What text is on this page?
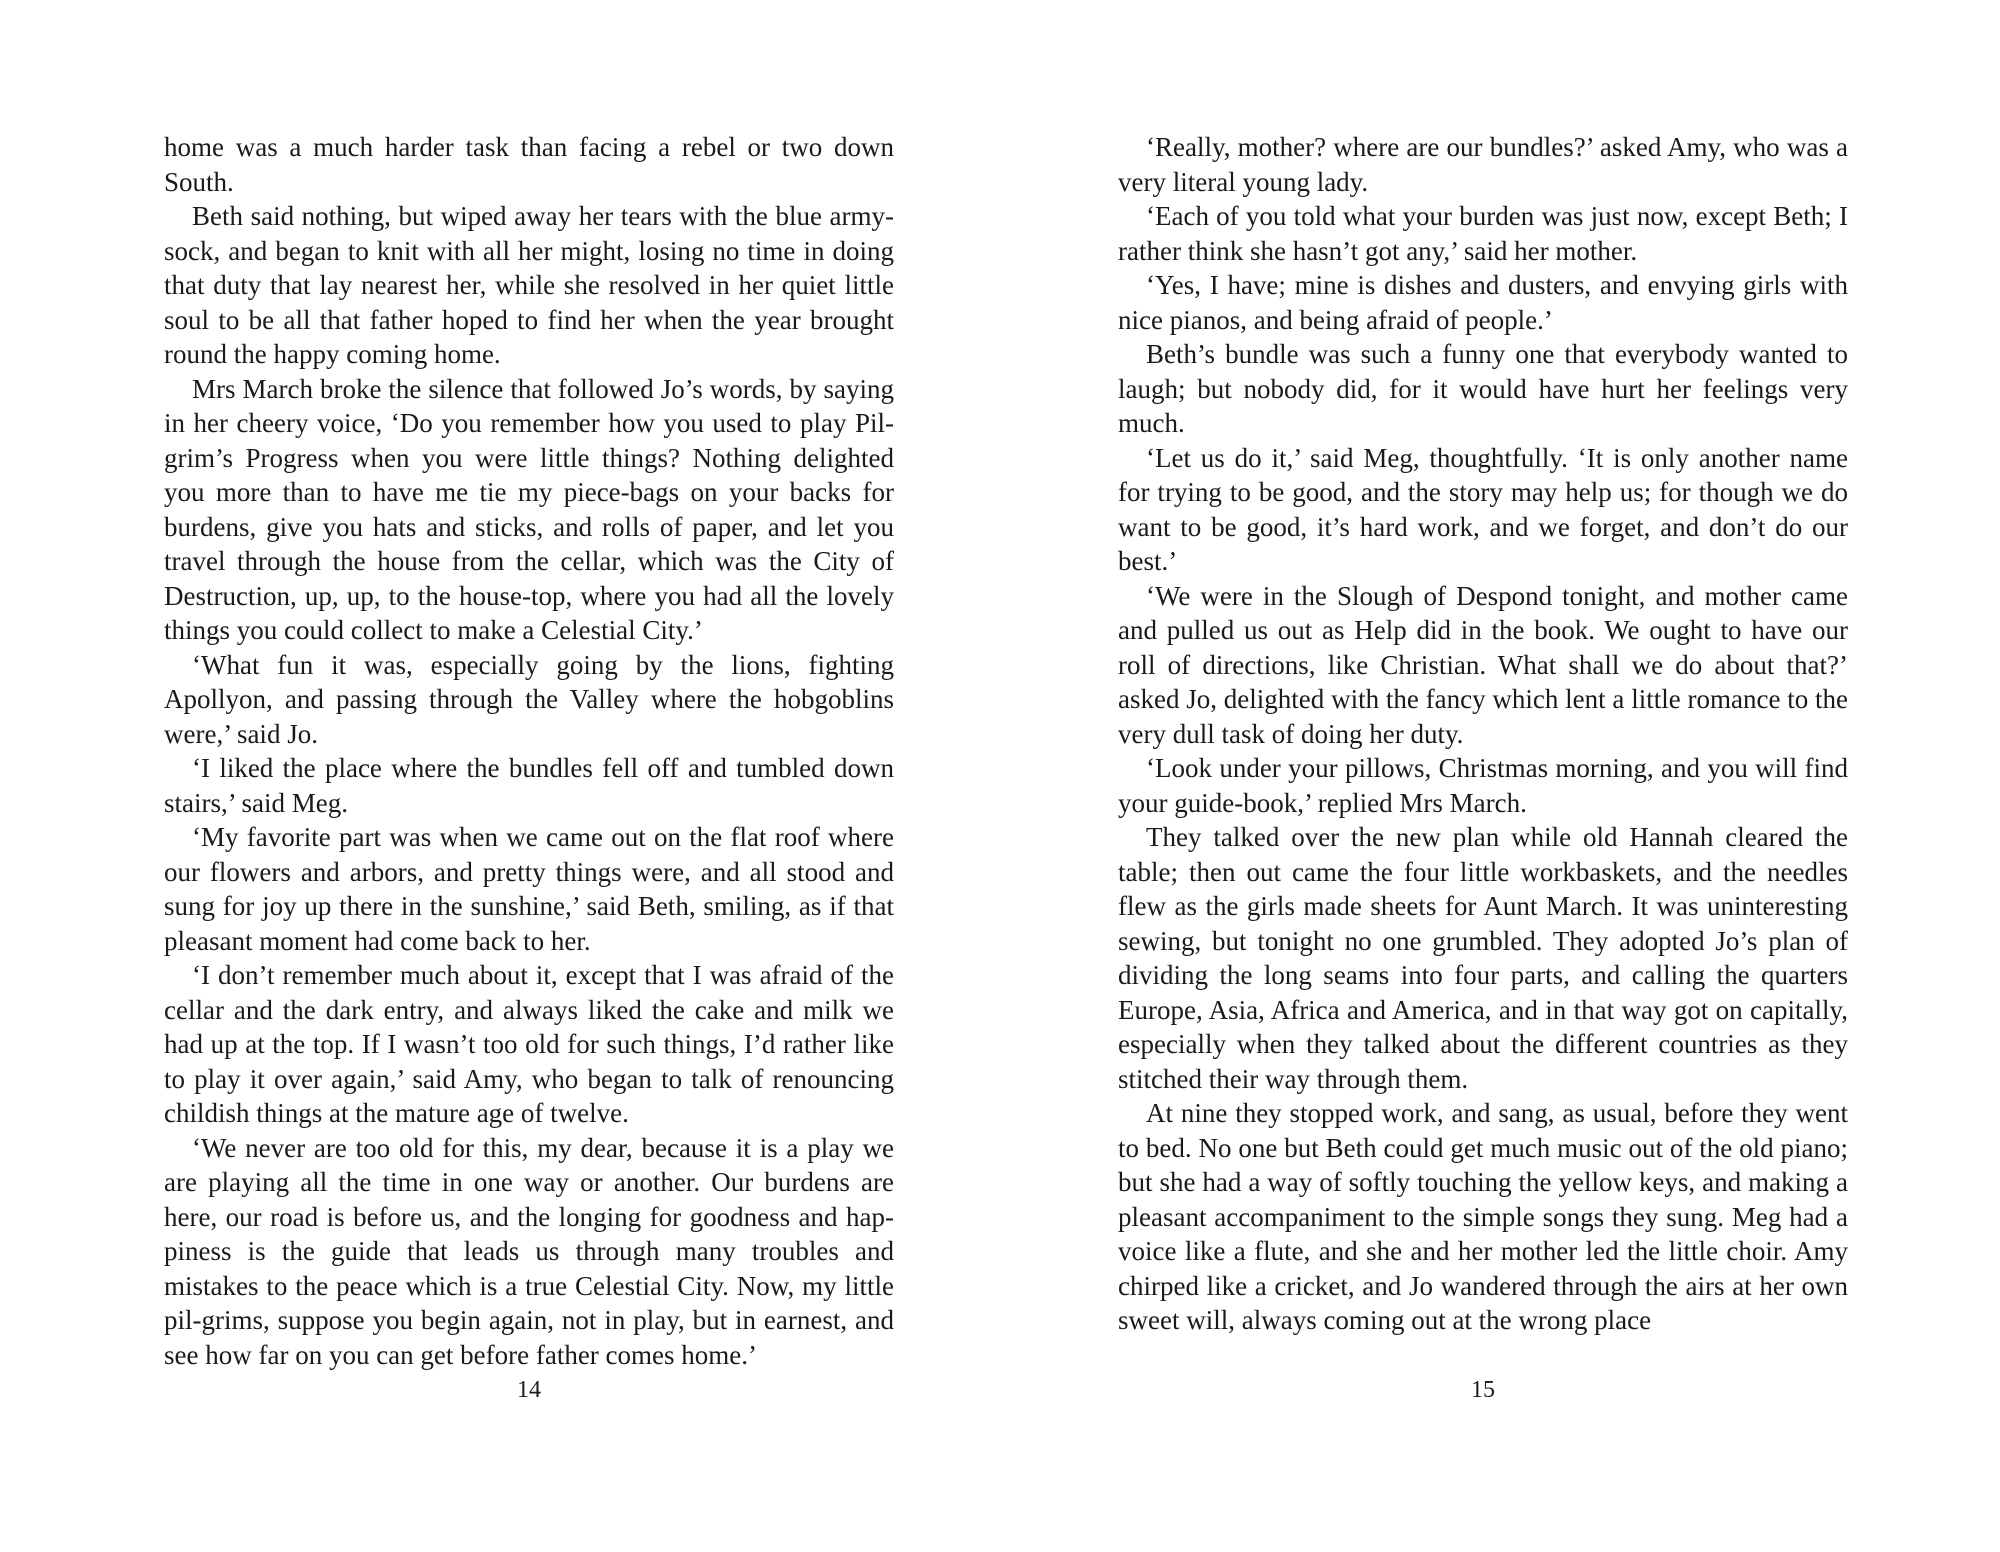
home was a much harder task than facing a rebel or two down South.

Beth said nothing, but wiped away her tears with the blue army-sock, and began to knit with all her might, losing no time in doing that duty that lay nearest her, while she resolved in her quiet little soul to be all that father hoped to find her when the year brought round the happy coming home.

Mrs March broke the silence that followed Jo’s words, by saying in her cheery voice, ‘Do you remember how you used to play Pil-grim’s Progress when you were little things? Nothing delighted you more than to have me tie my piece-bags on your backs for burdens, give you hats and sticks, and rolls of paper, and let you travel through the house from the cellar, which was the City of Destruction, up, up, to the house-top, where you had all the lovely things you could collect to make a Celestial City.’

‘What fun it was, especially going by the lions, fighting Apollyon, and passing through the Valley where the hobgoblins were,’ said Jo.

‘I liked the place where the bundles fell off and tumbled down stairs,’ said Meg.

‘My favorite part was when we came out on the flat roof where our flowers and arbors, and pretty things were, and all stood and sung for joy up there in the sunshine,’ said Beth, smiling, as if that pleasant moment had come back to her.

‘I don’t remember much about it, except that I was afraid of the cellar and the dark entry, and always liked the cake and milk we had up at the top. If I wasn’t too old for such things, I’d rather like to play it over again,’ said Amy, who began to talk of renouncing childish things at the mature age of twelve.

‘We never are too old for this, my dear, because it is a play we are playing all the time in one way or another. Our burdens are here, our road is before us, and the longing for goodness and hap-piness is the guide that leads us through many troubles and mistakes to the peace which is a true Celestial City. Now, my little pil-grims, suppose you begin again, not in play, but in earnest, and see how far on you can get before father comes home.’

14

‘Really, mother? where are our bundles?’ asked Amy, who was a very literal young lady.

‘Each of you told what your burden was just now, except Beth; I rather think she hasn’t got any,’ said her mother.

‘Yes, I have; mine is dishes and dusters, and envying girls with nice pianos, and being afraid of people.’

Beth’s bundle was such a funny one that everybody wanted to laugh; but nobody did, for it would have hurt her feelings very much.

‘Let us do it,’ said Meg, thoughtfully. ‘It is only another name for trying to be good, and the story may help us; for though we do want to be good, it’s hard work, and we forget, and don’t do our best.’

‘We were in the Slough of Despond tonight, and mother came and pulled us out as Help did in the book. We ought to have our roll of directions, like Christian. What shall we do about that?’ asked Jo, delighted with the fancy which lent a little romance to the very dull task of doing her duty.

‘Look under your pillows, Christmas morning, and you will find your guide-book,’ replied Mrs March.

They talked over the new plan while old Hannah cleared the table; then out came the four little workbaskets, and the needles flew as the girls made sheets for Aunt March. It was uninteresting sewing, but tonight no one grumbled. They adopted Jo’s plan of dividing the long seams into four parts, and calling the quarters Europe, Asia, Africa and America, and in that way got on capitally, especially when they talked about the different countries as they stitched their way through them.

At nine they stopped work, and sang, as usual, before they went to bed. No one but Beth could get much music out of the old piano; but she had a way of softly touching the yellow keys, and making a pleasant accompaniment to the simple songs they sung. Meg had a voice like a flute, and she and her mother led the little choir. Amy chirped like a cricket, and Jo wandered through the airs at her own sweet will, always coming out at the wrong place

15
